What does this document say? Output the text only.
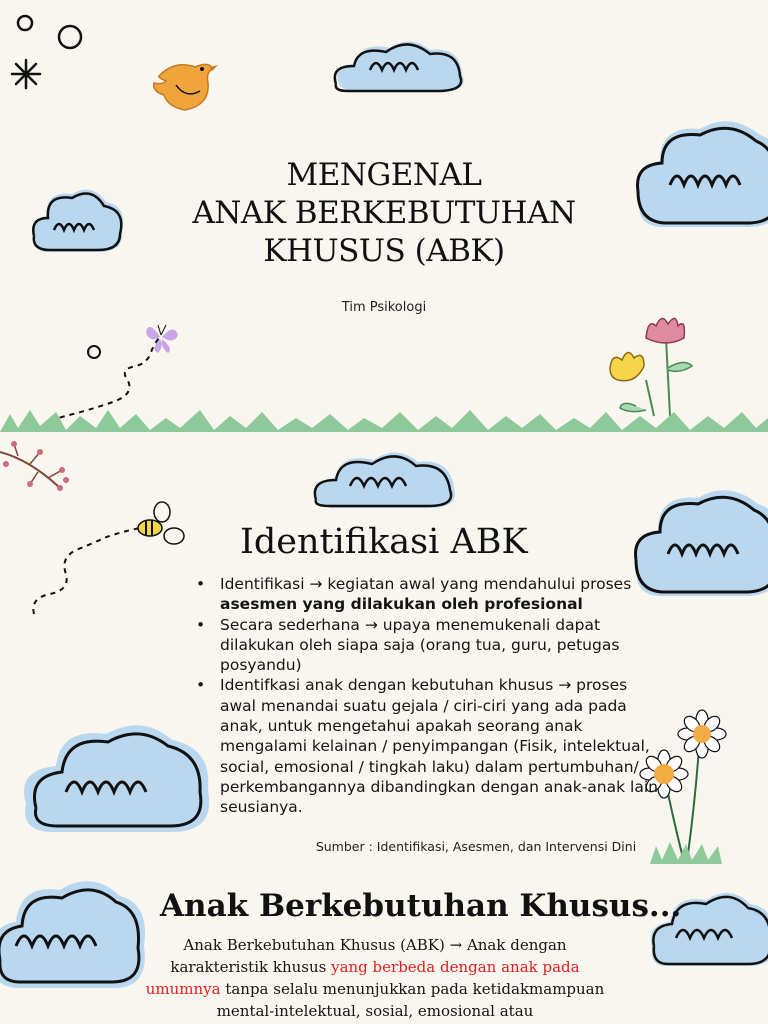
MENGENAL
ANAK BERKEBUTUHAN
KHUSUS (ABK)
Tim Psikologi
Identifikasi ABK
• Identifikasi → kegiatan awal yang mendahului proses asesmen yang dilakukan oleh profesional
• Secara sederhana → upaya menemukenali dapat dilakukan oleh siapa saja (orang tua, guru, petugas posyandu)
• Identifkasi anak dengan kebutuhan khusus → proses awal menandai suatu gejala / ciri-ciri yang ada pada anak, untuk mengetahui apakah seorang anak mengalami kelainan / penyimpangan (Fisik, intelektual, social, emosional / tingkah laku) dalam pertumbuhan/ perkembangannya dibandingkan dengan anak-anak lain seusianya.
Sumber : Identifikasi, Asesmen, dan Intervensi Dini
Anak Berkebutuhan Khusus...
Anak Berkebutuhan Khusus (ABK) → Anak dengan karakteristik khusus yang berbeda dengan anak pada umumnya tanpa selalu menunjukkan pada ketidakmampuan mental-intelektual, sosial, emosional atau
